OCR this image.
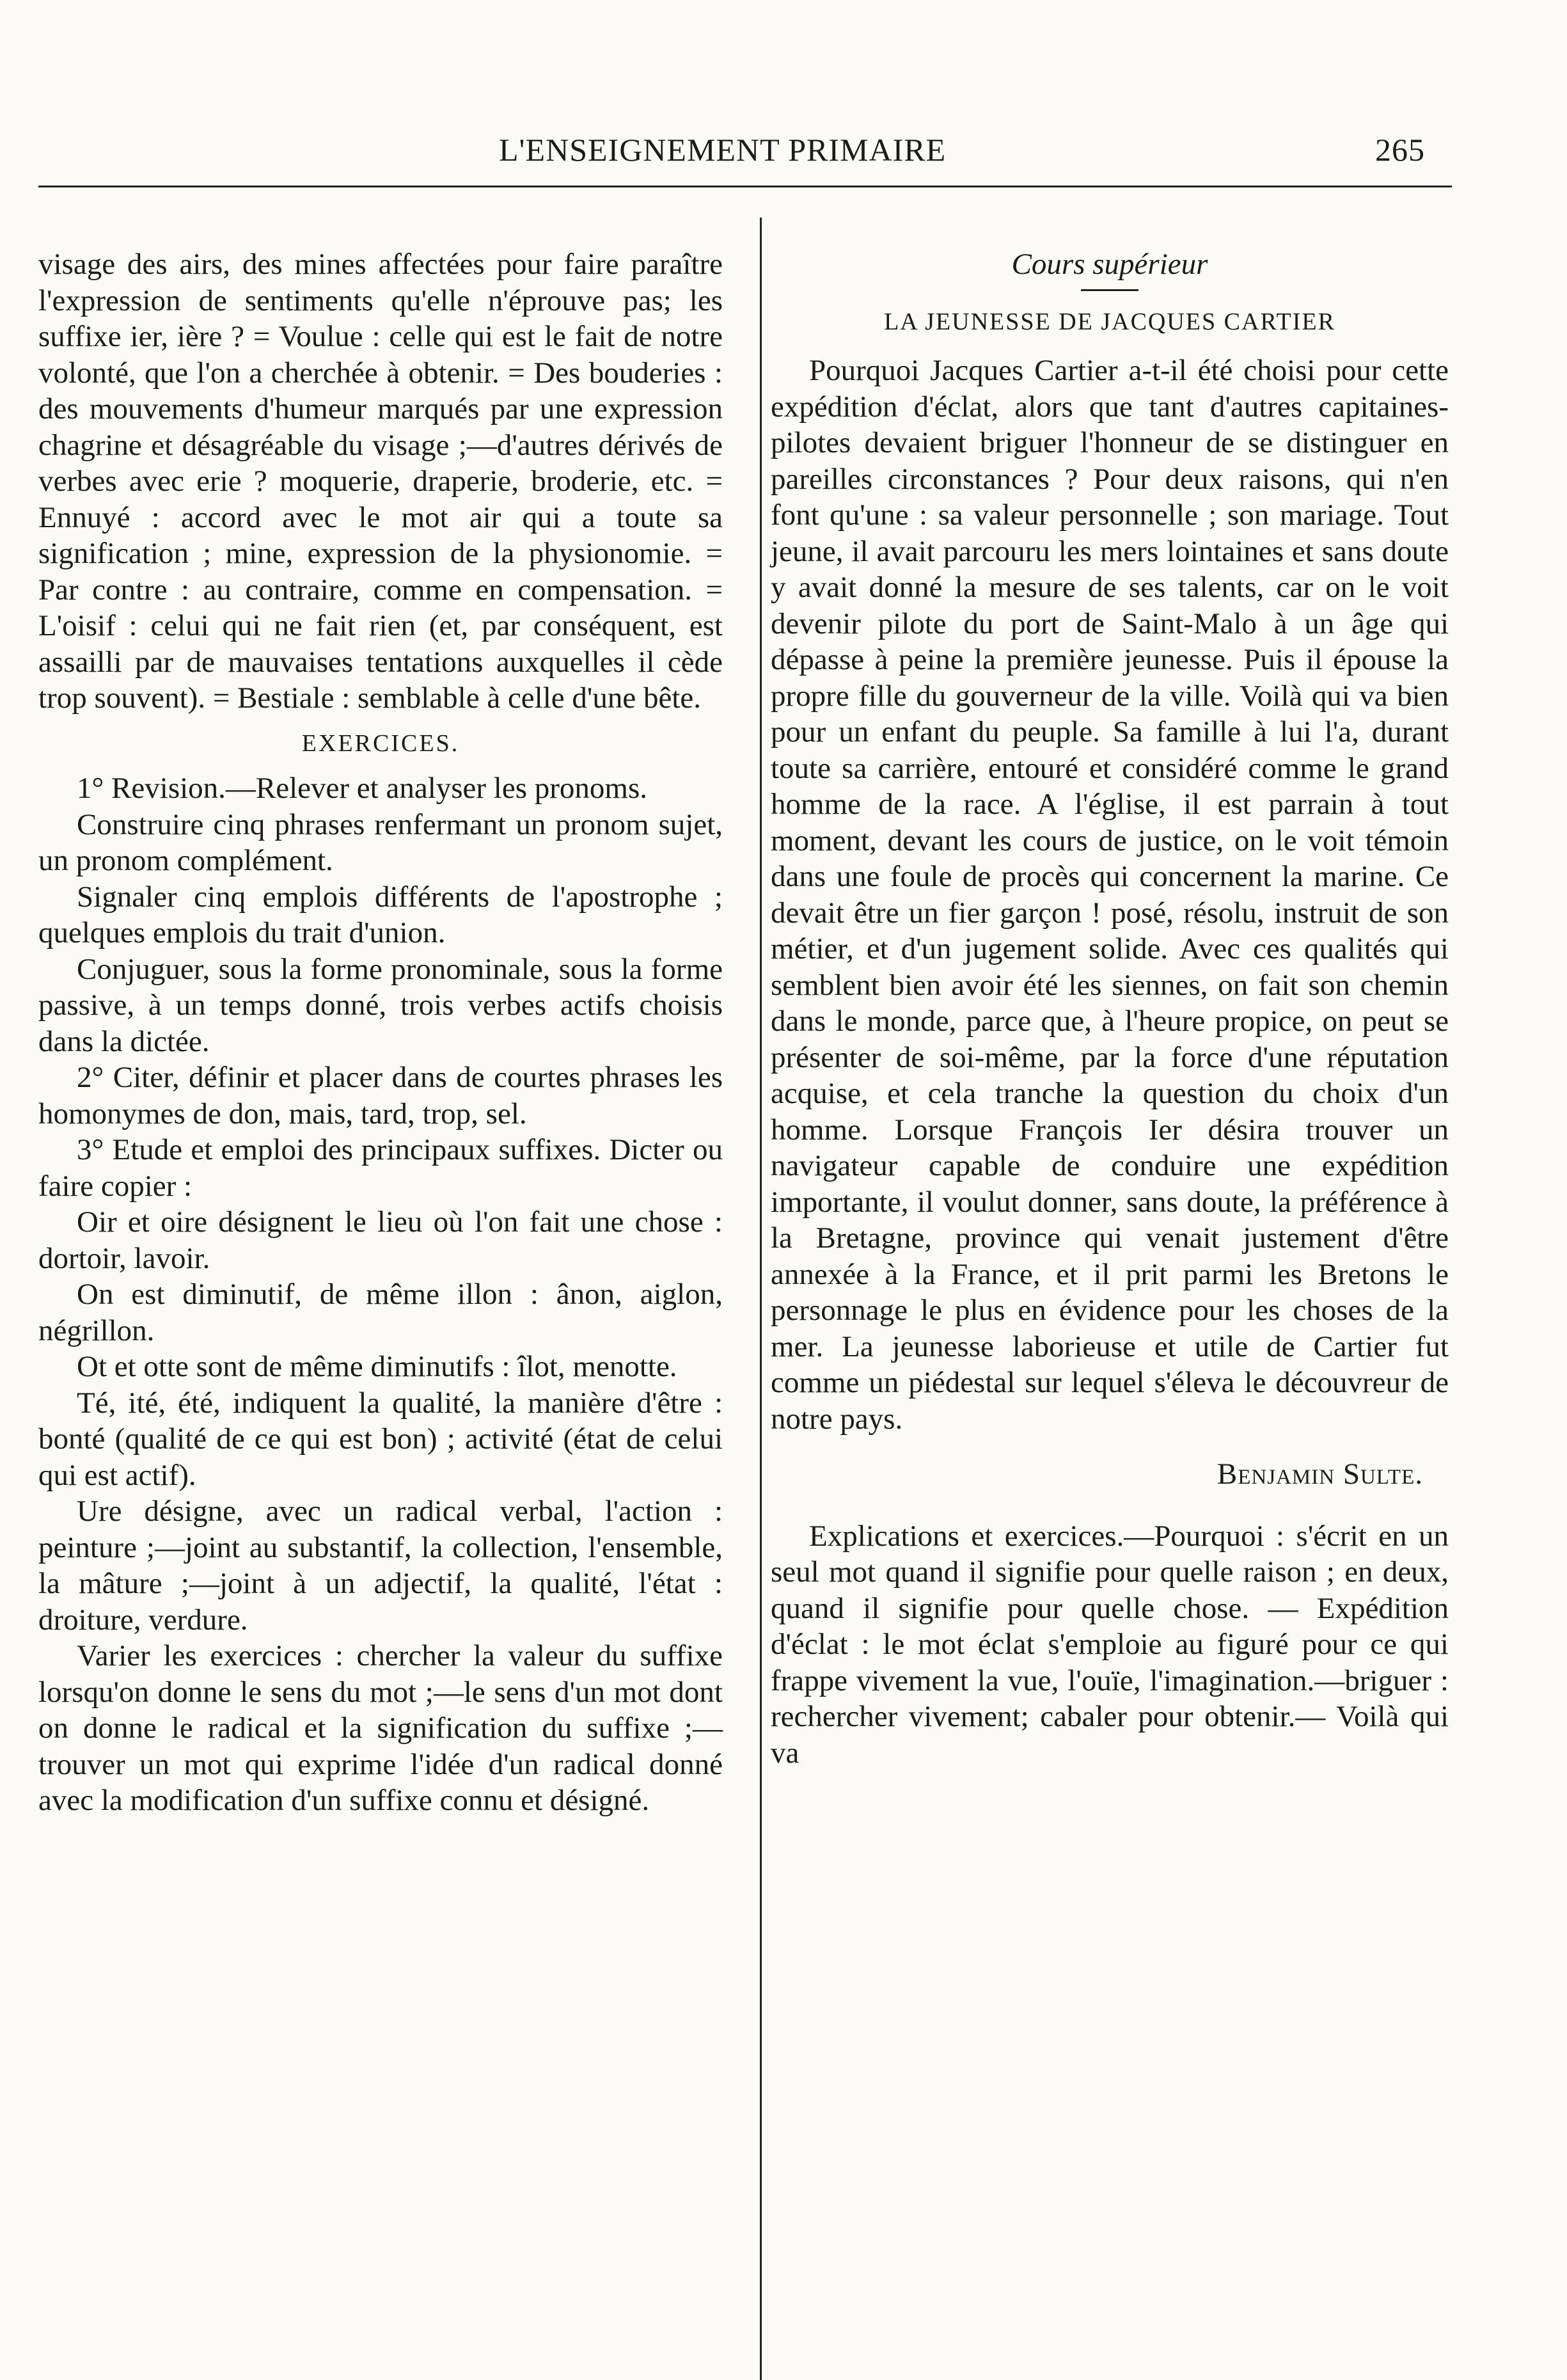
L'ENSEIGNEMENT PRIMAIRE	265

visage des airs, des mines affectées pour faire paraître l'expression de sentiments qu'elle n'éprouve pas; les suffixe ier, ière ? = Voulue : celle qui est le fait de notre volonté, que l'on a cherchée à obtenir. = Des bouderies : des mouvements d'humeur marqués par une expression chagrine et désagréable du visage ;—d'autres dérivés de verbes avec erie ? moquerie, draperie, broderie, etc. = Ennuyé : accord avec le mot air qui a toute sa signification ; mine, expression de la physionomie. = Par contre : au contraire, comme en compensation. = L'oisif : celui qui ne fait rien (et, par conséquent, est assailli par de mauvaises tentations auxquelles il cède trop souvent). = Bestiale : semblable à celle d'une bête.

EXERCICES.

1° Revision.—Relever et analyser les pronoms.

Construire cinq phrases renfermant un pronom sujet, un pronom complément.

Signaler cinq emplois différents de l'apostrophe ; quelques emplois du trait d'union.

Conjuguer, sous la forme pronominale, sous la forme passive, à un temps donné, trois verbes actifs choisis dans la dictée.

2° Citer, définir et placer dans de courtes phrases les homonymes de don, mais, tard, trop, sel.

3° Etude et emploi des principaux suffixes. Dicter ou faire copier :

Oir et oire désignent le lieu où l'on fait une chose : dortoir, lavoir.

On est diminutif, de même illon : ânon, aiglon, négrillon.

Ot et otte sont de même diminutifs : îlot, menotte.

Té, ité, été, indiquent la qualité, la manière d'être : bonté (qualité de ce qui est bon) ; activité (état de celui qui est actif).

Ure désigne, avec un radical verbal, l'action : peinture ;—joint au substantif, la collection, l'ensemble, la mâture ;—joint à un adjectif, la qualité, l'état : droiture, verdure.

Varier les exercices : chercher la valeur du suffixe lorsqu'on donne le sens du mot ;—le sens d'un mot dont on donne le radical et la signification du suffixe ;—trouver un mot qui exprime l'idée d'un radical donné avec la modification d'un suffixe connu et désigné.

Cours supérieur

LA JEUNESSE DE JACQUES CARTIER

Pourquoi Jacques Cartier a-t-il été choisi pour cette expédition d'éclat, alors que tant d'autres capitaines-pilotes devaient briguer l'honneur de se distinguer en pareilles circonstances ? Pour deux raisons, qui n'en font qu'une : sa valeur personnelle ; son mariage. Tout jeune, il avait parcouru les mers lointaines et sans doute y avait donné la mesure de ses talents, car on le voit devenir pilote du port de Saint-Malo à un âge qui dépasse à peine la première jeunesse. Puis il épouse la propre fille du gouverneur de la ville. Voilà qui va bien pour un enfant du peuple. Sa famille à lui l'a, durant toute sa carrière, entouré et considéré comme le grand homme de la race. A l'église, il est parrain à tout moment, devant les cours de justice, on le voit témoin dans une foule de procès qui concernent la marine. Ce devait être un fier garçon ! posé, résolu, instruit de son métier, et d'un jugement solide. Avec ces qualités qui semblent bien avoir été les siennes, on fait son chemin dans le monde, parce que, à l'heure propice, on peut se présenter de soi-même, par la force d'une réputation acquise, et cela tranche la question du choix d'un homme. Lorsque François Ier désira trouver un navigateur capable de conduire une expédition importante, il voulut donner, sans doute, la préférence à la Bretagne, province qui venait justement d'être annexée à la France, et il prit parmi les Bretons le personnage le plus en évidence pour les choses de la mer. La jeunesse laborieuse et utile de Cartier fut comme un piédestal sur lequel s'éleva le découvreur de notre pays.

Benjamin Sulte.

Explications et exercices.—Pourquoi : s'écrit en un seul mot quand il signifie pour quelle raison ; en deux, quand il signifie pour quelle chose. — Expédition d'éclat : le mot éclat s'emploie au figuré pour ce qui frappe vivement la vue, l'ouïe, l'imagination.—briguer : rechercher vivement; cabaler pour obtenir.— Voilà qui va
